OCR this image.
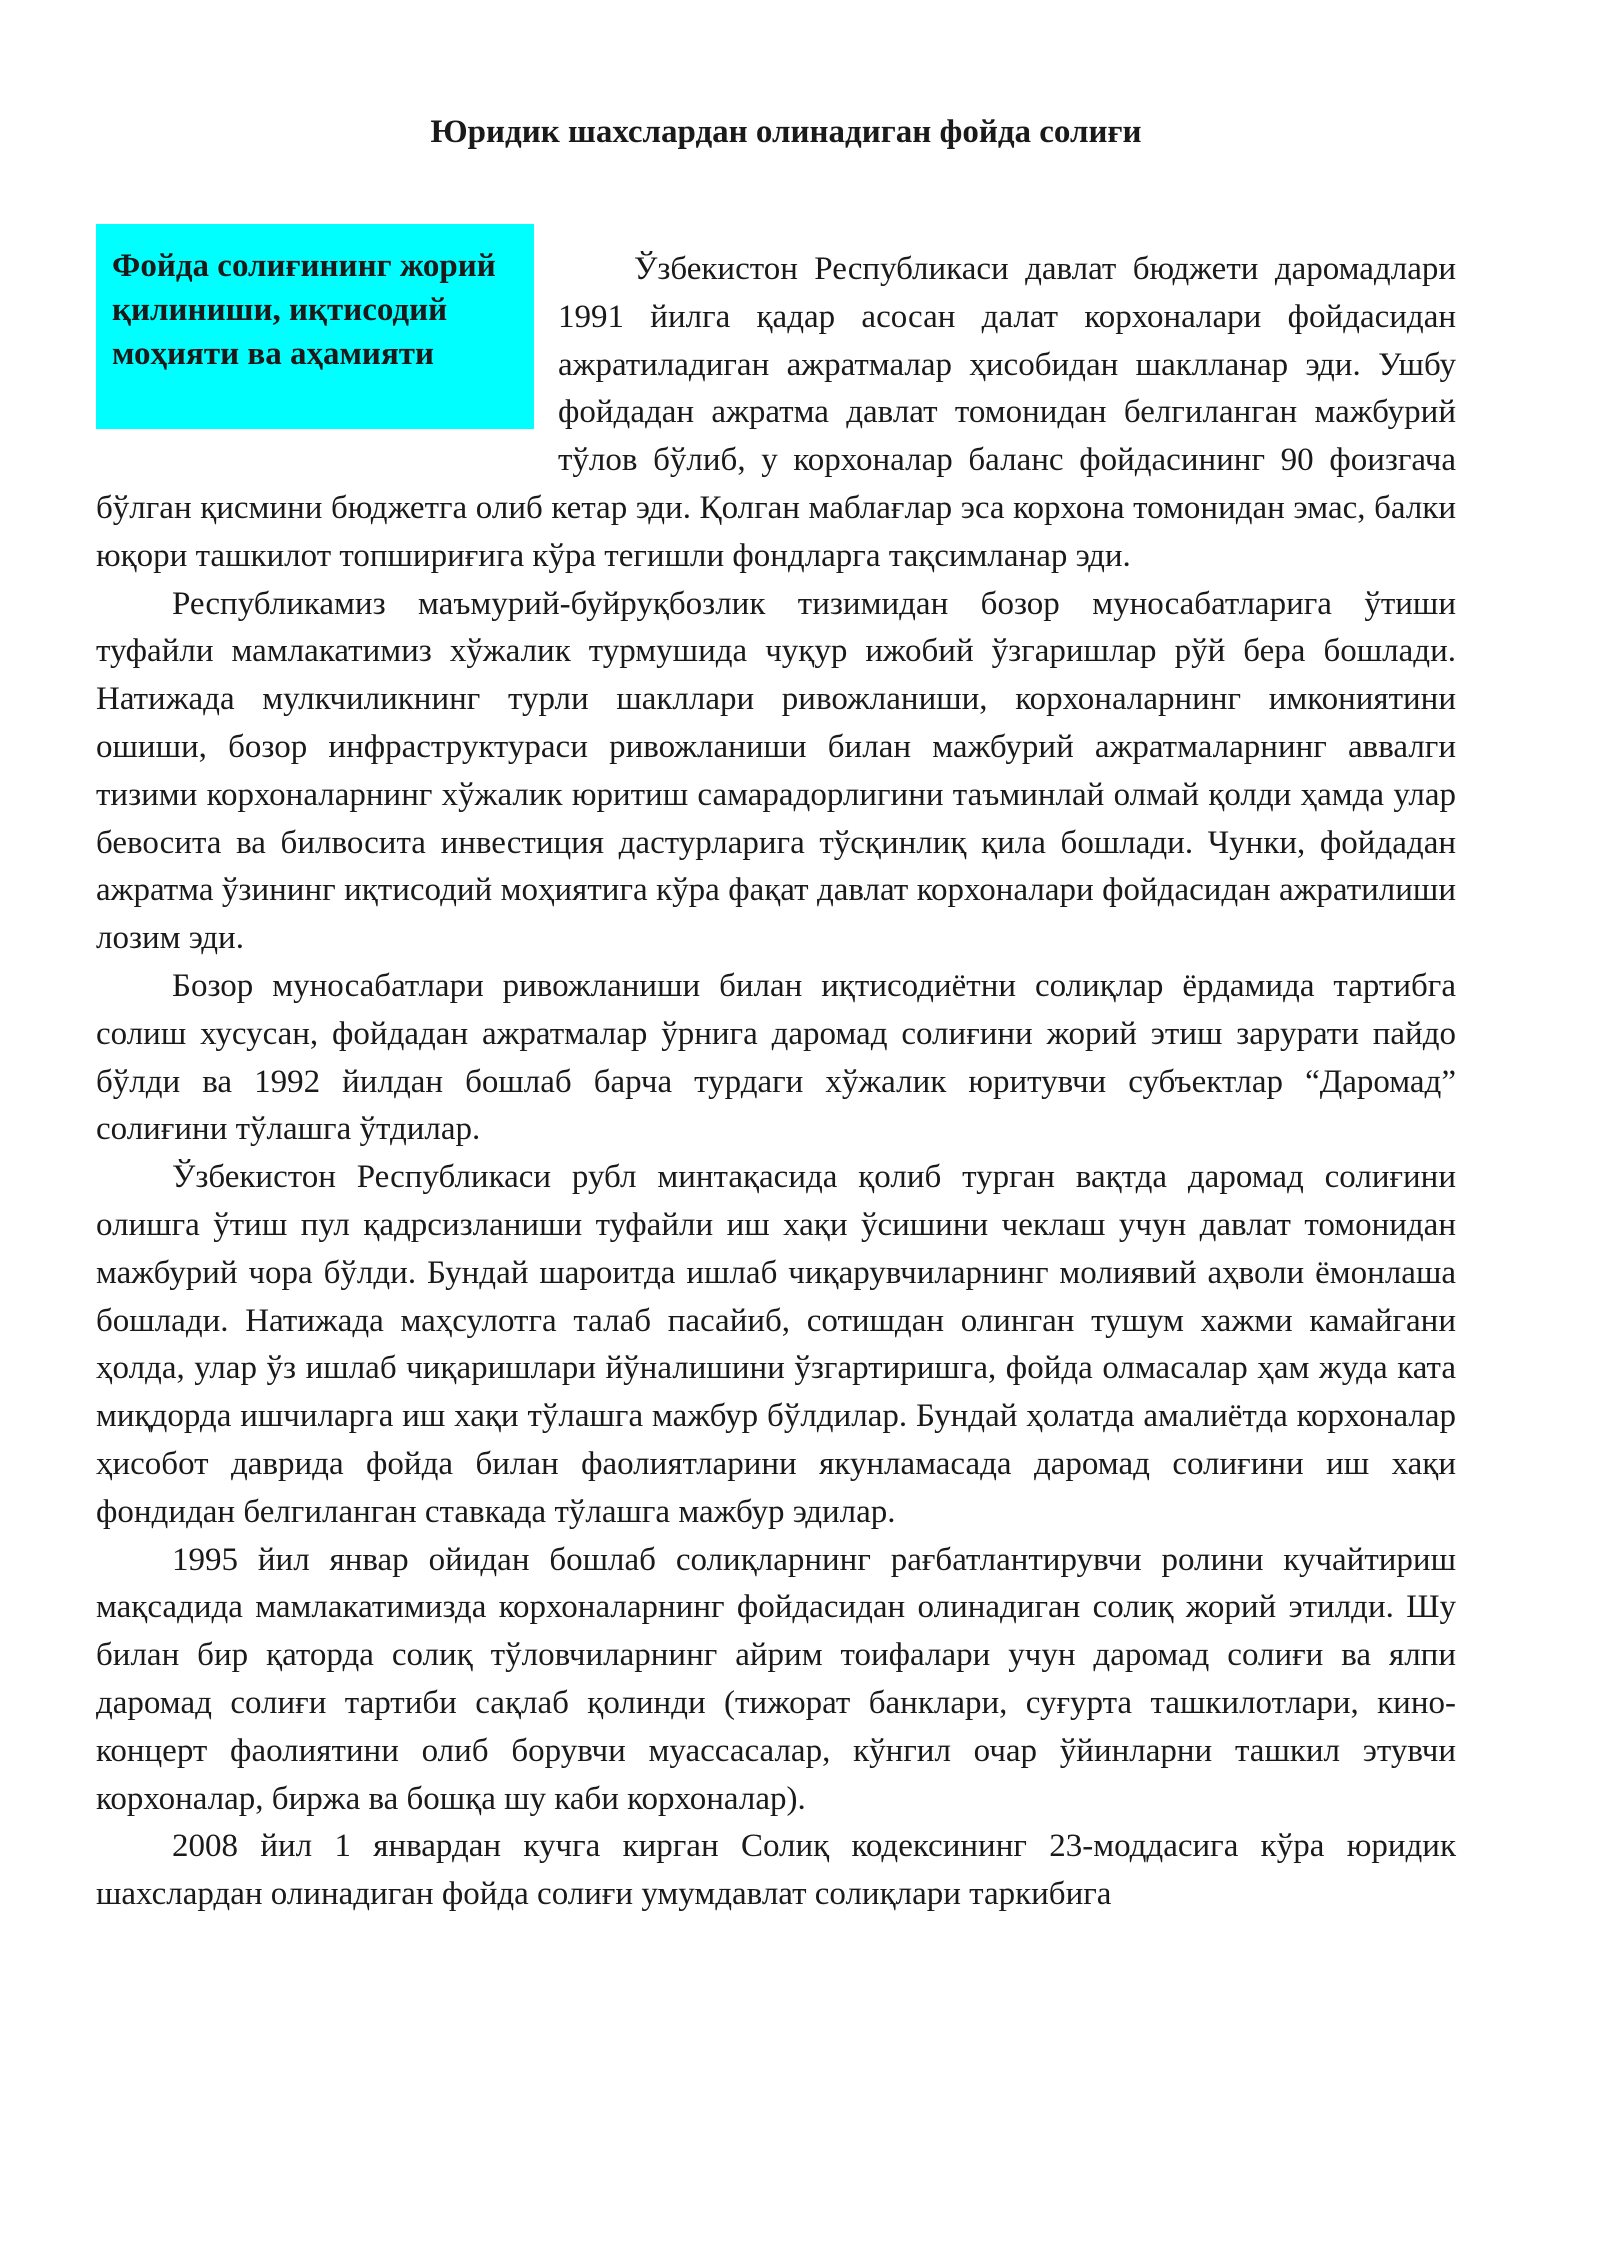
Юридик шахслардан олинадиган фойда солиғи

Фойда солиғининг жорий қилиниши, иқтисодий моҳияти ва аҳамияти

Ўзбекистон Республикаси давлат бюджети даромадлари 1991 йилга қадар асосан далат корхоналари фойдасидан ажратиладиган ажратмалар ҳисобидан шаклланар эди. Ушбу фойдадан ажратма давлат томонидан белгиланган мажбурий тўлов бўлиб, у корхоналар баланс фойдасининг 90 фоизгача бўлган қисмини бюджетга олиб кетар эди. Қолган маблағлар эса корхона томонидан эмас, балки юқори ташкилот топшириғига кўра тегишли фондларга тақсимланар эди.

Республикамиз маъмурий-буйруқбозлик тизимидан бозор муносабатларига ўтиши туфайли мамлакатимиз хўжалик турмушида чуқур ижобий ўзгаришлар рўй бера бошлади. Натижада мулкчиликнинг турли шакллари ривожланиши, корхоналарнинг имкониятини ошиши, бозор инфраструктураси ривожланиши билан мажбурий ажратмаларнинг аввалги тизими корхоналарнинг хўжалик юритиш самарадорлигини таъминлай олмай қолди ҳамда улар бевосита ва билвосита инвестиция дастурларига тўсқинлиқ қила бошлади. Чунки, фойдадан ажратма ўзининг иқтисодий моҳиятига кўра фақат давлат корхоналари фойдасидан ажратилиши лозим эди.

Бозор муносабатлари ривожланиши билан иқтисодиётни солиқлар ёрдамида тартибга солиш хусусан, фойдадан ажратмалар ўрнига даромад солиғини жорий этиш зарурати пайдо бўлди ва 1992 йилдан бошлаб барча турдаги хўжалик юритувчи субъектлар “Даромад” солиғини тўлашга ўтдилар.

Ўзбекистон Республикаси рубл минтақасида қолиб турган вақтда даромад солиғини олишга ўтиш пул қадрсизланиши туфайли иш хақи ўсишини чеклаш учун давлат томонидан мажбурий чора бўлди. Бундай шароитда ишлаб чиқарувчиларнинг молиявий аҳволи ёмонлаша бошлади. Натижада маҳсулотга талаб пасайиб, сотишдан олинган тушум хажми камайгани ҳолда, улар ўз ишлаб чиқаришлари йўналишини ўзгартиришга, фойда олмасалар ҳам жуда ката миқдорда ишчиларга иш хақи тўлашга мажбур бўлдилар. Бундай ҳолатда амалиётда корхоналар ҳисобот даврида фойда билан фаолиятларини якунламасада даромад солиғини иш хақи фондидан белгиланган ставкада тўлашга мажбур эдилар.

1995 йил январ ойидан бошлаб солиқларнинг рағбатлантирувчи ролини кучайтириш мақсадида мамлакатимизда корхоналарнинг фойдасидан олинадиган солиқ жорий этилди. Шу билан бир қаторда солиқ тўловчиларнинг айрим тоифалари учун даромад солиғи ва ялпи даромад солиғи тартиби сақлаб қолинди (тижорат банклари, суғурта ташкилотлари, кино-концерт фаолиятини олиб борувчи муассасалар, кўнгил очар ўйинларни ташкил этувчи корхоналар, биржа ва бошқа шу каби корхоналар).

2008 йил 1 январдан кучга кирган Солиқ кодексининг 23-моддасига кўра юридик шахслардан олинадиган фойда солиғи умумдавлат солиқлари таркибига
